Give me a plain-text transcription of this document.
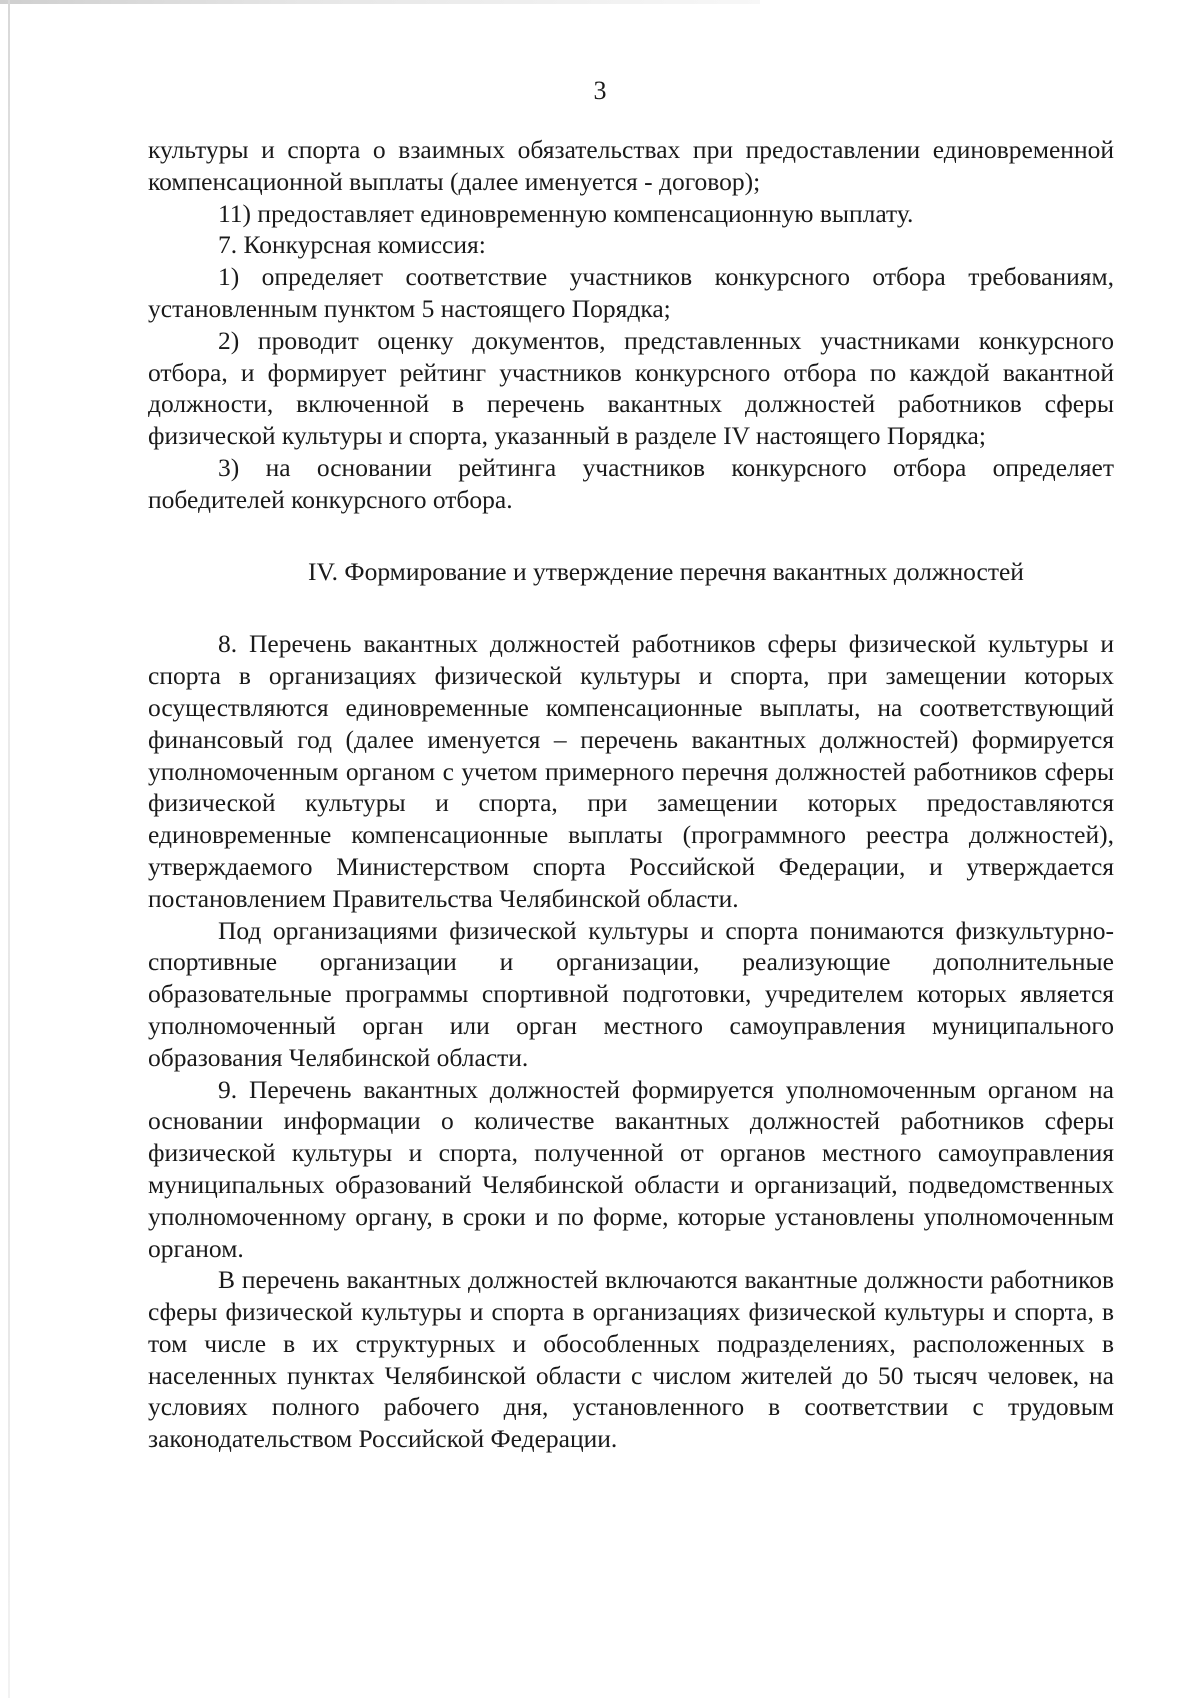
3

культуры и спорта о взаимных обязательствах при предоставлении единовременной компенсационной выплаты (далее именуется - договор);

11) предоставляет единовременную компенсационную выплату.

7. Конкурсная комиссия:

1) определяет соответствие участников конкурсного отбора требованиям, установленным пунктом 5 настоящего Порядка;

2) проводит оценку документов, представленных участниками конкурсного отбора, и формирует рейтинг участников конкурсного отбора по каждой вакантной должности, включенной в перечень вакантных должностей работников сферы физической культуры и спорта, указанный в разделе IV настоящего Порядка;

3) на основании рейтинга участников конкурсного отбора определяет победителей конкурсного отбора.

IV. Формирование и утверждение перечня вакантных должностей

8. Перечень вакантных должностей работников сферы физической культуры и спорта в организациях физической культуры и спорта, при замещении которых осуществляются единовременные компенсационные выплаты, на соответствующий финансовый год (далее именуется – перечень вакантных должностей) формируется уполномоченным органом с учетом примерного перечня должностей работников сферы физической культуры и спорта, при замещении которых предоставляются единовременные компенсационные выплаты (программного реестра должностей), утверждаемого Министерством спорта Российской Федерации, и утверждается постановлением Правительства Челябинской области.

Под организациями физической культуры и спорта понимаются физкультурно-спортивные организации и организации, реализующие дополнительные образовательные программы спортивной подготовки, учредителем которых является уполномоченный орган или орган местного самоуправления муниципального образования Челябинской области.

9. Перечень вакантных должностей формируется уполномоченным органом на основании информации о количестве вакантных должностей работников сферы физической культуры и спорта, полученной от органов местного самоуправления муниципальных образований Челябинской области и организаций, подведомственных уполномоченному органу, в сроки и по форме, которые установлены уполномоченным органом.

В перечень вакантных должностей включаются вакантные должности работников сферы физической культуры и спорта в организациях физической культуры и спорта, в том числе в их структурных и обособленных подразделениях, расположенных в населенных пунктах Челябинской области с числом жителей до 50 тысяч человек, на условиях полного рабочего дня, установленного в соответствии с трудовым законодательством Российской Федерации.
